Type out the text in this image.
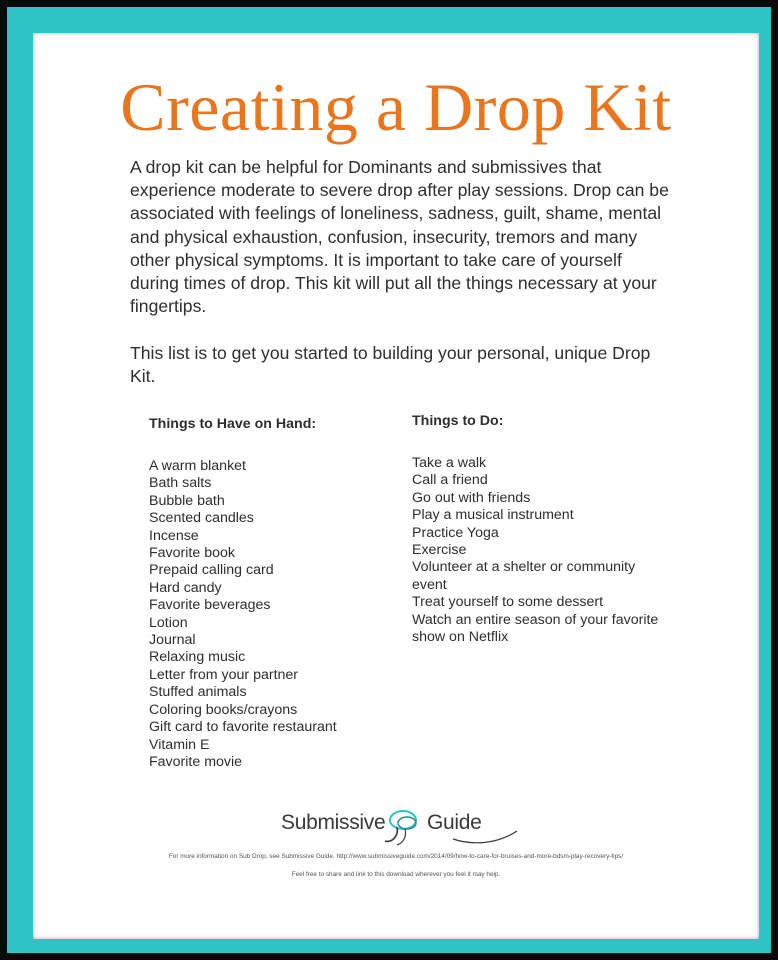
Creating a Drop Kit

A drop kit can be helpful for Dominants and submissives that experience moderate to severe drop after play sessions. Drop can be associated with feelings of loneliness, sadness, guilt, shame, mental and physical exhaustion, confusion, insecurity, tremors and many other physical symptoms. It is important to take care of yourself during times of drop. This kit will put all the things necessary at your fingertips.

This list is to get you started to building your personal, unique Drop Kit.

Things to Have on Hand:
A warm blanket
Bath salts
Bubble bath
Scented candles
Incense
Favorite book
Prepaid calling card
Hard candy
Favorite beverages
Lotion
Journal
Relaxing music
Letter from your partner
Stuffed animals
Coloring books/crayons
Gift card to favorite restaurant
Vitamin E
Favorite movie
Things to Do:
Take a walk
Call a friend
Go out with friends
Play a musical instrument
Practice Yoga
Exercise
Volunteer at a shelter or community event
Treat yourself to some dessert
Watch an entire season of your favorite show on Netflix
Submissive Guide

For more information on Sub Drop, see Submissive Guide. http://www.submissiveguide.com/2014/09/how-to-care-for-bruises-and-more-bdsm-play-recovery-tips/

Feel free to share and link to this download wherever you feel it may help.
